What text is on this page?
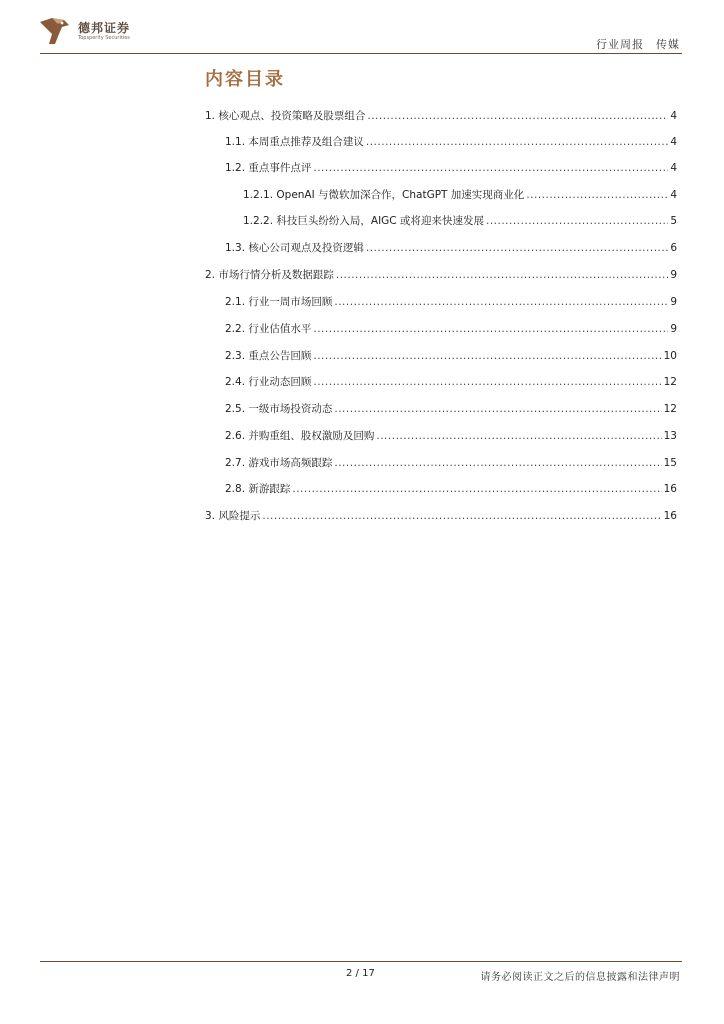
德邦证券
Topsperity Securities
行业周报 传媒
内容目录
1. 核心观点、投资策略及股票组合 .....	4
1.1. 本周重点推荐及组合建议 .....	4
1.2. 重点事件点评 .....	4
1.2.1. OpenAI 与微软加深合作，ChatGPT 加速实现商业化 .....	4
1.2.2. 科技巨头纷纷入局，AIGC 或将迎来快速发展 .....	5
1.3. 核心公司观点及投资逻辑 .....	6
2. 市场行情分析及数据跟踪 .....	9
2.1. 行业一周市场回顾 .....	9
2.2. 行业估值水平 .....	9
2.3. 重点公告回顾 .....	10
2.4. 行业动态回顾 .....	12
2.5. 一级市场投资动态 .....	12
2.6. 并购重组、股权激励及回购 .....	13
2.7. 游戏市场高频跟踪 .....	15
2.8. 新游跟踪 .....	16
3. 风险提示 .....	16
2 / 17	请务必阅读正文之后的信息披露和法律声明
